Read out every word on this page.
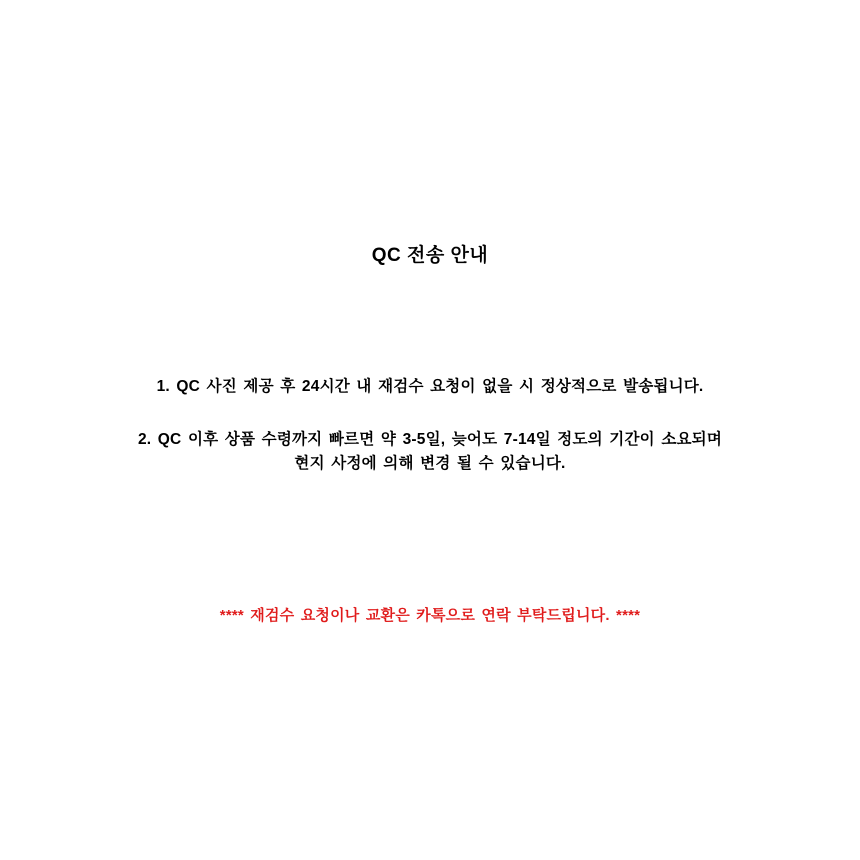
QC 전송 안내
1. QC 사진 제공 후 24시간 내 재검수 요청이 없을 시 정상적으로 발송됩니다.
2. QC 이후 상품 수령까지 빠르면 약 3-5일, 늦어도 7-14일 정도의 기간이 소요되며
현지 사정에 의해 변경 될 수 있습니다.
**** 재검수 요청이나 교환은 카톡으로 연락 부탁드립니다. ****
